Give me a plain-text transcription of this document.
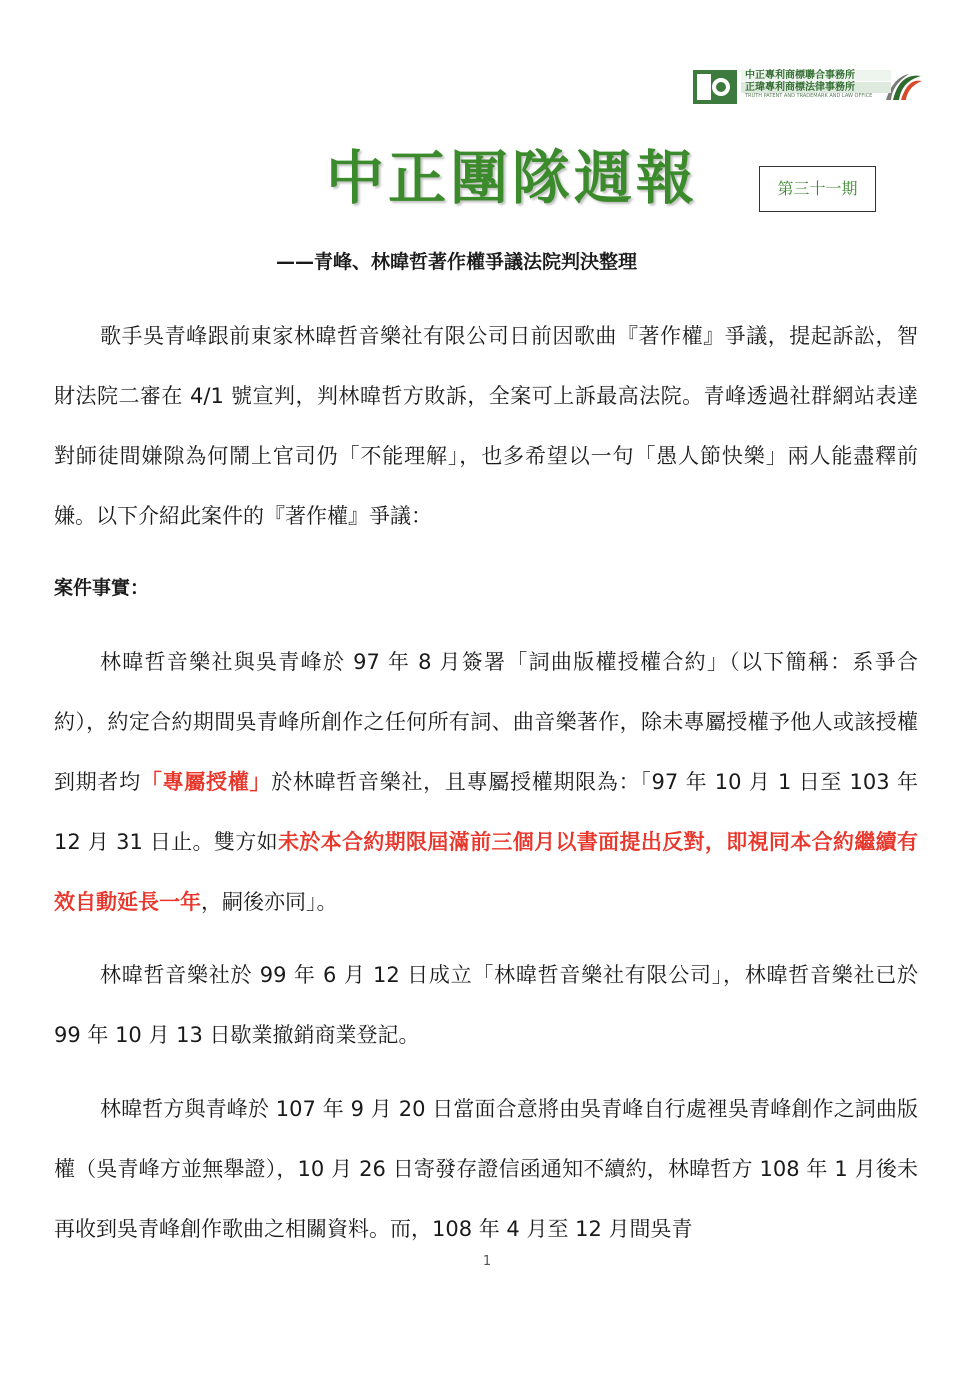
中正專利商標聯合事務所
正瑋專利商標法律事務所
TRUTH PATENT AND TRADEMARK AND LAW OFFICE
中正團隊週報	第三十一期
——青峰、林暐哲著作權爭議法院判決整理

歌手吳青峰跟前東家林暐哲音樂社有限公司日前因歌曲『著作權』爭議，提起訴訟，智財法院二審在 4/1 號宣判，判林暐哲方敗訴，全案可上訴最高法院。青峰透過社群網站表達對師徒間嫌隙為何鬧上官司仍「不能理解」，也多希望以一句「愚人節快樂」兩人能盡釋前嫌。以下介紹此案件的『著作權』爭議：

案件事實：

林暐哲音樂社與吳青峰於 97 年 8 月簽署「詞曲版權授權合約」（以下簡稱：系爭合約），約定合約期間吳青峰所創作之任何所有詞、曲音樂著作，除未專屬授權予他人或該授權到期者均「專屬授權」於林暐哲音樂社，且專屬授權期限為：「97 年 10 月 1 日至 103 年 12 月 31 日止。雙方如未於本合約期限屆滿前三個月以書面提出反對，即視同本合約繼續有效自動延長一年，嗣後亦同」。

林暐哲音樂社於 99 年 6 月 12 日成立「林暐哲音樂社有限公司」，林暐哲音樂社已於 99 年 10 月 13 日歇業撤銷商業登記。

林暐哲方與青峰於 107 年 9 月 20 日當面合意將由吳青峰自行處裡吳青峰創作之詞曲版權（吳青峰方並無舉證），10 月 26 日寄發存證信函通知不續約，林暐哲方 108 年 1 月後未再收到吳青峰創作歌曲之相關資料。而，108 年 4 月至 12 月間吳青

1
